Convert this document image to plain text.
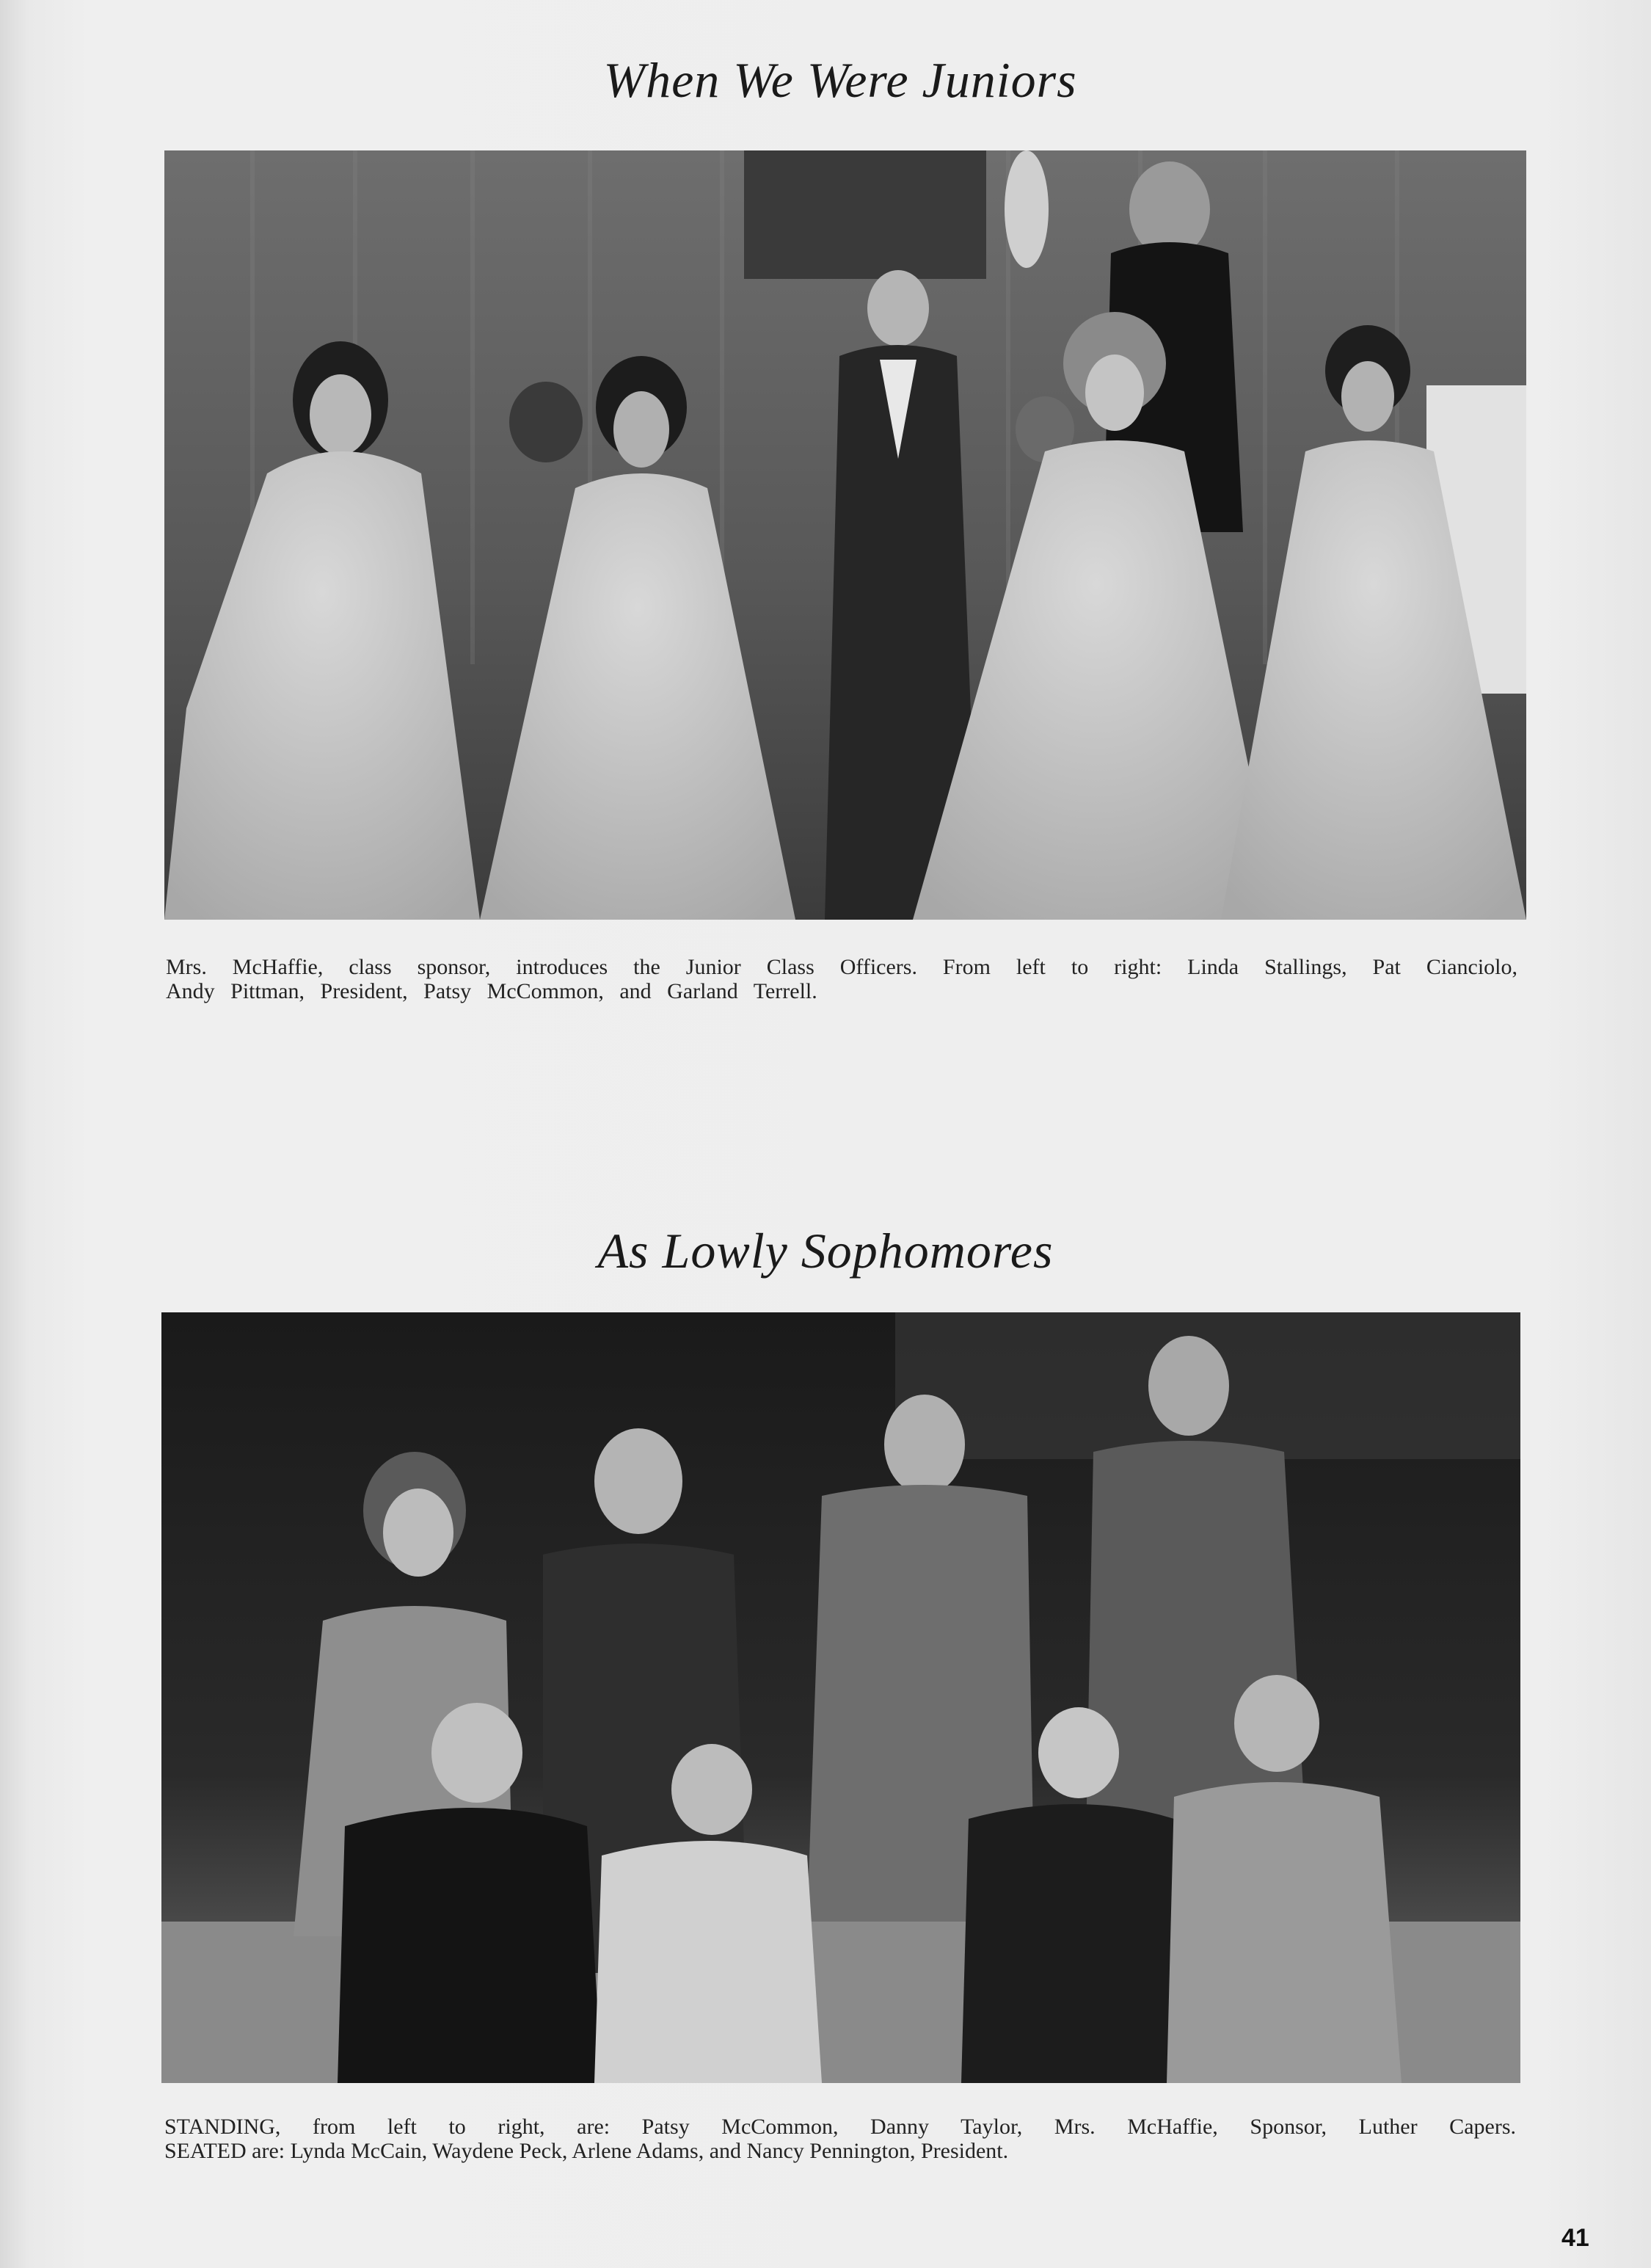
When We Were Juniors
Mrs. McHaffie, class sponsor, introduces the Junior Class Officers. From left to right: Linda Stallings, Pat Cianciolo,
Andy Pittman, President, Patsy McCommon, and Garland Terrell.
As Lowly Sophomores
STANDING, from left to right, are: Patsy McCommon, Danny Taylor, Mrs. McHaffie, Sponsor, Luther Capers.
SEATED are: Lynda McCain, Waydene Peck, Arlene Adams, and Nancy Pennington, President.
41
